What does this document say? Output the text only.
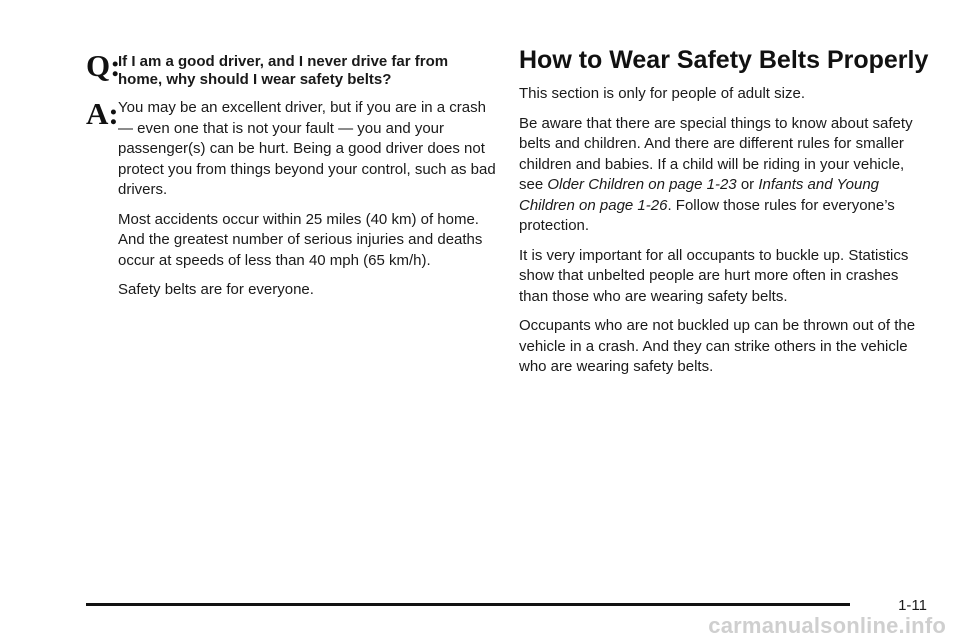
Q:
If I am a good driver, and I never drive far from home, why should I wear safety belts?
A: You may be an excellent driver, but if you are in a crash — even one that is not your fault — you and your passenger(s) can be hurt. Being a good driver does not protect you from things beyond your control, such as bad drivers.

Most accidents occur within 25 miles (40 km) of home. And the greatest number of serious injuries and deaths occur at speeds of less than 40 mph (65 km/h).

Safety belts are for everyone.

How to Wear Safety Belts Properly

This section is only for people of adult size.

Be aware that there are special things to know about safety belts and children. And there are different rules for smaller children and babies. If a child will be riding in your vehicle, see Older Children on page 1-23 or Infants and Young Children on page 1-26. Follow those rules for everyone’s protection.

It is very important for all occupants to buckle up. Statistics show that unbelted people are hurt more often in crashes than those who are wearing safety belts.

Occupants who are not buckled up can be thrown out of the vehicle in a crash. And they can strike others in the vehicle who are wearing safety belts.

1-11
carmanualsonline.info
